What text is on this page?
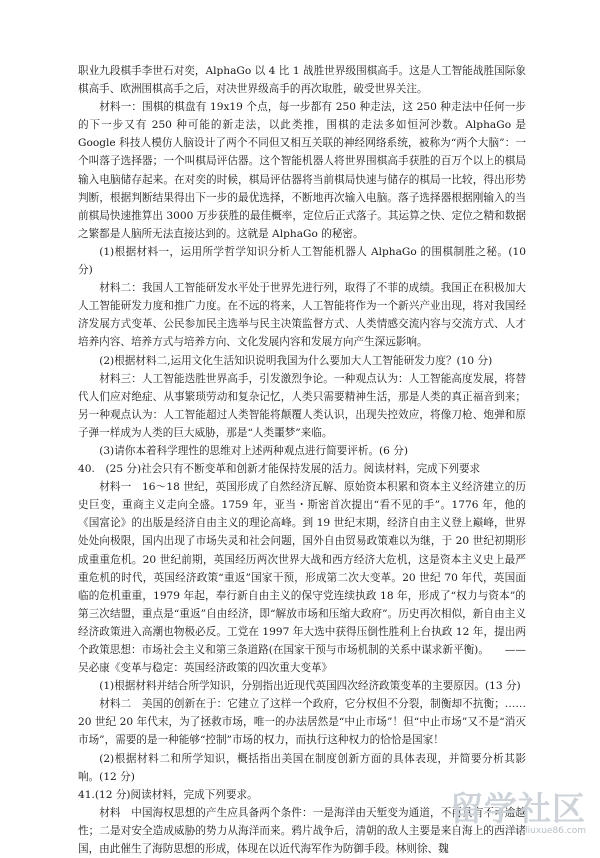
职业九段棋手李世石对奕，AlphaGo 以 4 比 1 战胜世界级围棋高手。这是人工智能战胜国际象棋高手、欧洲围棋高手之后，对决世界级高手的再次取胜，破受世界关注。

材料一：围棋的棋盘有 19x19 个点，每一步都有 250 种走法，这 250 种走法中任何一步的下一步又有 250 种可能的新走法，以此类推，围棋的走法多如恒河沙数。AlphaGo 是 Google 科技人模仿人脑设计了两个不同但又相互关联的神经网络系统，被称为“两个大脑”：一个叫落子选择器；一个叫棋局评估器。这个智能机器人将世界围棋高手获胜的百万个以上的棋局输入电脑储存起来。在对奕的时候，棋局评估器将当前棋局快速与储存的棋局一比较，得出形势判断，根据判断结果得出下一步的最优选择，不断地再次输入电脑。落子选择器根据刚输入的当前棋局快速推算出 3000 万步获胜的最佳概率，定位后正式落子。其运算之快、定位之精和数据之繁都是人脑所无法直接达到的。这就是 AlphaGo 的秘密。

(1)根据材料一，运用所学哲学知识分析人工智能机器人 AlphaGo 的围棋制胜之秘。(10 分)

材料二：我国人工智能研发水平处于世界先进行列，取得了不菲的成绩。我国正在积极加大人工智能研发力度和推广力度。在不远的将来，人工智能将作为一个新兴产业出现，将对我国经济发展方式变革、公民参加民主选举与民主决策监督方式、人类情感交流内容与交流方式、人才培养内容、培养方式与培养方向、文化发展内容和发展方向产生深远影响。

(2)根据材料二,运用文化生活知识说明我国为什么要加大人工智能研发力度？(10 分)

材料三：人工智能迭胜世界高手，引发激烈争论。一种观点认为：人工智能高度发展，将替代人们应对绝症、从事繁琐劳动和复杂记忆，人类只需要精神生活，那是人类的真正福音到来；另一种观点认为：人工智能超过人类智能将颠覆人类认识，出现失控效应，将像刀枪、炮弹和原子弹一样成为人类的巨大威胁，那是“人类噩梦”来临。

(3)请你本着科学理性的思维对上述两种观点进行简要评析。(6 分)

40.　(25 分)社会只有不断变革和创新才能保持发展的活力。阅读材料，完成下列要求

材料一　16～18 世纪，英国形成了自然经济瓦解、原始资本积累和资本主义经济建立的历史巨变，重商主义走向全盛。1759 年，亚当・斯密首次提出“看不见的手”。1776 年，他的《国富论》的出版是经济自由主义的理论高峰。到 19 世纪末期，经济自由主义登上巅峰，世界处处向极限，国内出现了市场失灵和社会问题，国外自由贸易政策难以为继，于 20 世纪初期形成重重危机。20 世纪前期，英国经历两次世界大战和西方经济大危机，这是资本主义史上最严重危机的时代，英国经济政策“重返”国家干预，形成第二次大变革。20 世纪 70 年代，英国面临的危机重重，1979 年起，奉行新自由主义的保守党连续执政 18 年，形成了“权力与资本”的第三次结盟，重点是“重返”自由经济，即“解放市场和压缩大政府”。历史再次相似，新自由主义经济政策进入高潮也物极必反。工党在 1997 年大选中获得压倒性胜利上台执政 12 年，提出两个政策思想：市场社会主义和第三条道路(在国家干预与市场机制的关系中谋求新平衡)。　　——吴必康《变革与稳定：英国经济政策的四次重大变革》

(1)根据材料并结合所学知识，分别指出近现代英国四次经济政策变革的主要原因。(13 分)

材料二　美国的创新在于：它建立了这样一个政府，它分权但不分裂，制衡却不抗衡；……20 世纪 20 年代末，为了拯救市场，唯一的办法居然是“中止市场”！但“中止市场”又不是“消灭市场”，需要的是一种能够“控制”市场的权力，而执行这种权力的恰恰是国家！

(2)根据材料二和所学知识，概括指出美国在制度创新方面的具体表现，并简要分析其影响。(12 分)

41.(12 分)阅读材料，完成下列要求。

材料　中国海权思想的产生应具备两个条件：一是海洋由天堑变为通道，不再具有不可逾越性；二是对安全造成威胁的势力从海洋而来。鸦片战争后，清朝的敌人主要是来自海上的西洋诸国，由此催生了海防思想的形成，体现在以近代海军作为防御手段。林则徐、魏

留学社区
bbs.liuxue86.com
